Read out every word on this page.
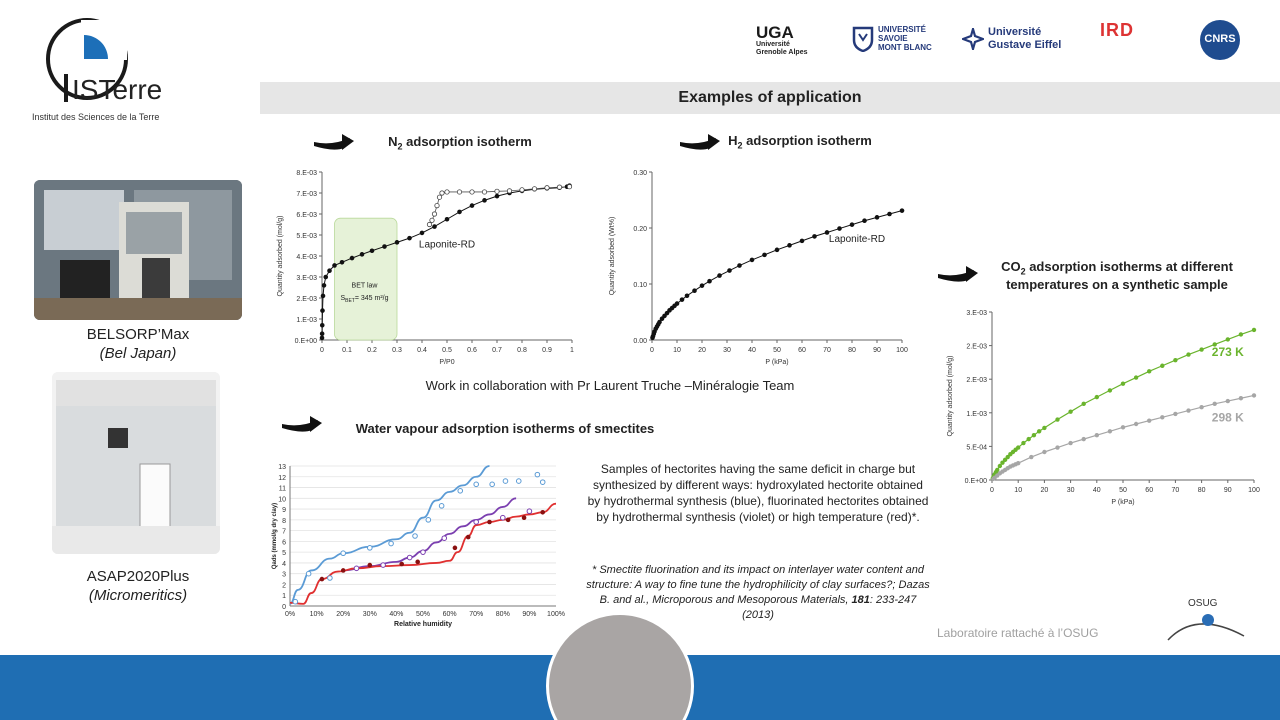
ISTerre
Institut des Sciences de la Terre
UGA
Université
Grenoble Alpes
UNIVERSITÉ
SAVOIE
MONT BLANC
Université
Gustave Eiffel
IRD	CNRS
Examples of application
BELSORP’Max
(Bel Japan)
ASAP2020Plus
(Micromeritics)
$N_2$ adsorption isotherm	$H_2$ adsorption isotherm
$CO_2$ adsorption isotherms at different
temperatures on a synthetic sample
Water vapour adsorption isotherms of smectites
0	0.1 0.2 0.3 0.4 0.5 0.6 0.7 0.8 0.9	1
0.E+00
1.E-03
2.E-03
3.E-03
4.E-03
5.E-03
6.E-03
7.E-03
8.E-03
P/P0
Quantity adsorbed (mol/g)	BET law
$S_{BET}= 345$ m²/g
Laponite-RD
0	10 20 30 40 50 60 70 80 90 100
0.00
0.10
0.20
0.30
P (kPa)
Quantity adsorbed (Wt%)	Laponite-RD
0	10	20	30	40	50	60	70	80	90 100
0.E+00
5.E-04
1.E-03
2.E-03
2.E-03
3.E-03
P (kPa)
Quantity adsorbed (mol/g)
273 K
298 K
0
1
2
3
4
5
6
7
8
9
10
11
12
13
0% 10% 20% 30% 40% 50% 60% 70% 80% 90% 100%
Relative humidity
Qads (mmol/g dry clay)
Work in collaboration with Pr Laurent Truche –Minéralogie Team
Samples of hectorites having the same deficit in charge but synthesized by different ways: hydroxylated hectorite obtained by hydrothermal synthesis (blue), fluorinated hectorites obtained by hydrothermal synthesis (violet) or high temperature (red)*.
* Smectite fluorination and its impact on interlayer water content and structure: A way to fine tune the hydrophilicity of clay surfaces?; Dazas B. and al., Microporous and Mesoporous Materials, 181: 233-247 (2013)
Laboratoire rattaché à l’OSUG
OSUG
